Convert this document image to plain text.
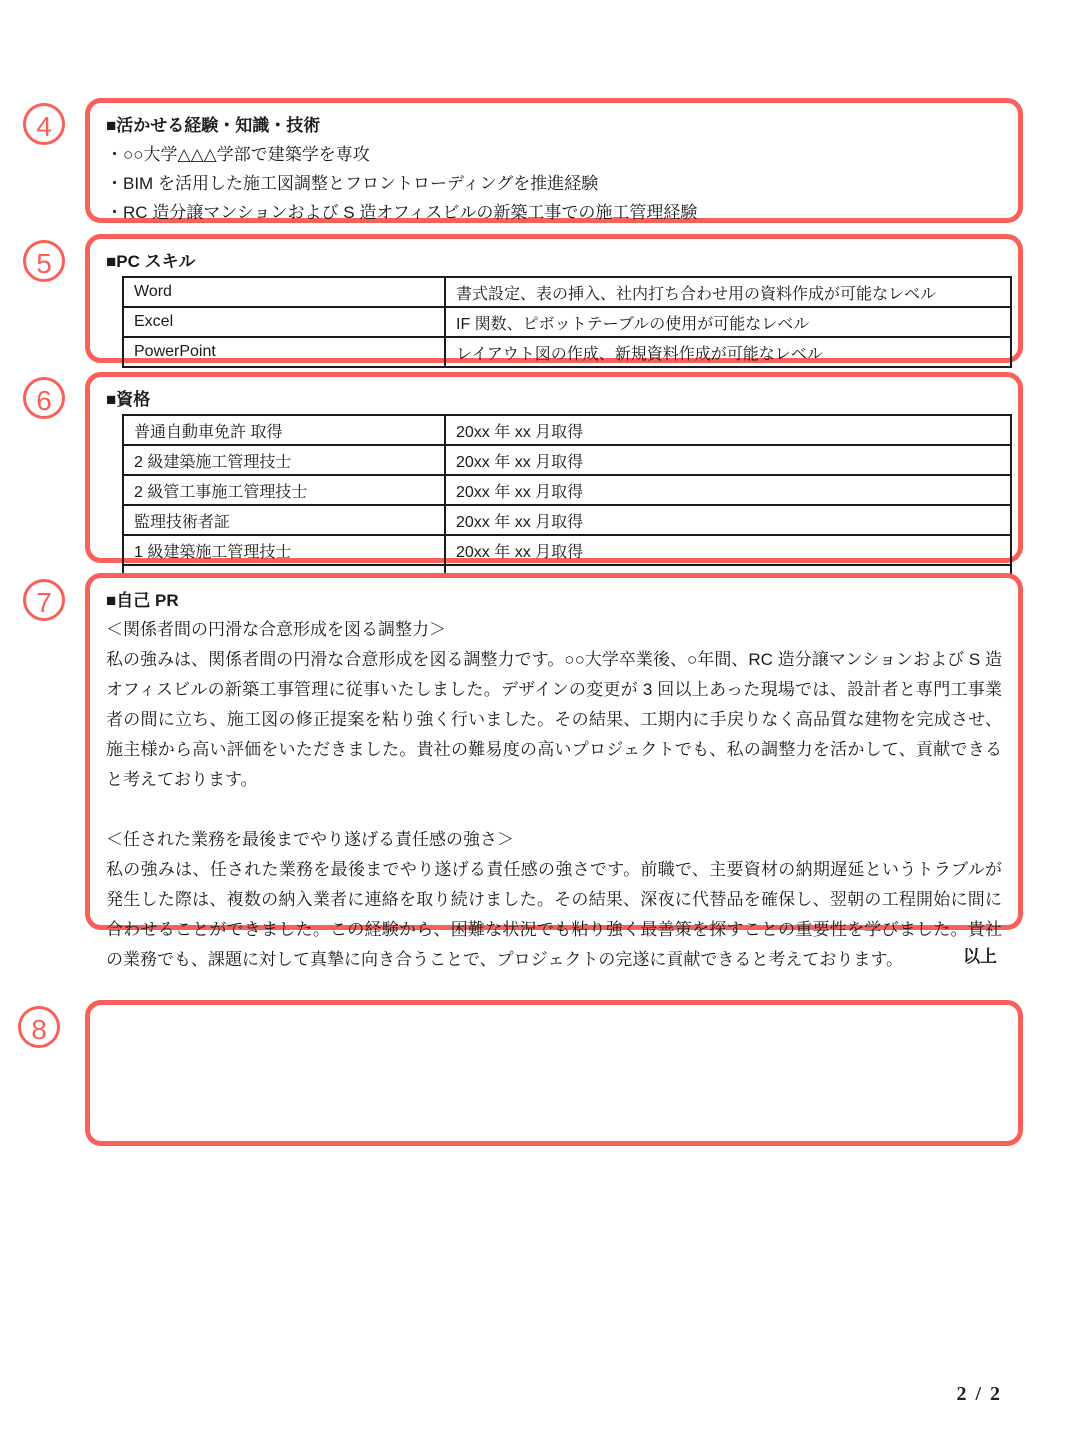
4
5
6
7
8
■活かせる経験・知識・技術
・○○大学△△△学部で建築学を専攻
・BIM を活用した施工図調整とフロントローディングを推進経験
・RC 造分譲マンションおよび S 造オフィスビルの新築工事での施工管理経験
■PC スキル
Word	書式設定、表の挿入、社内打ち合わせ用の資料作成が可能なレベル
Excel	IF 関数、ピボットテーブルの使用が可能なレベル
PowerPoint	レイアウト図の作成、新規資料作成が可能なレベル
■資格
普通自動車免許 取得	20xx 年 xx 月取得
2 級建築施工管理技士	20xx 年 xx 月取得
2 級管工事施工管理技士	20xx 年 xx 月取得
監理技術者証	20xx 年 xx 月取得
1 級建築施工管理技士	20xx 年 xx 月取得

■自己 PR
＜関係者間の円滑な合意形成を図る調整力＞
私の強みは、関係者間の円滑な合意形成を図る調整力です。○○大学卒業後、○年間、RC 造分譲マンションおよび S 造オフィスビルの新築工事管理に従事いたしました。デザインの変更が 3 回以上あった現場では、設計者と専門工事業者の間に立ち、施工図の修正提案を粘り強く行いました。その結果、工期内に手戻りなく高品質な建物を完成させ、施主様から高い評価をいただきました。貴社の難易度の高いプロジェクトでも、私の調整力を活かして、貢献できると考えております。
＜任された業務を最後までやり遂げる責任感の強さ＞
私の強みは、任された業務を最後までやり遂げる責任感の強さです。前職で、主要資材の納期遅延というトラブルが発生した際は、複数の納入業者に連絡を取り続けました。その結果、深夜に代替品を確保し、翌朝の工程開始に間に合わせることができました。この経験から、困難な状況でも粘り強く最善策を探すことの重要性を学びました。貴社の業務でも、課題に対して真摯に向き合うことで、プロジェクトの完遂に貢献できると考えております。	以上
2 / 2
